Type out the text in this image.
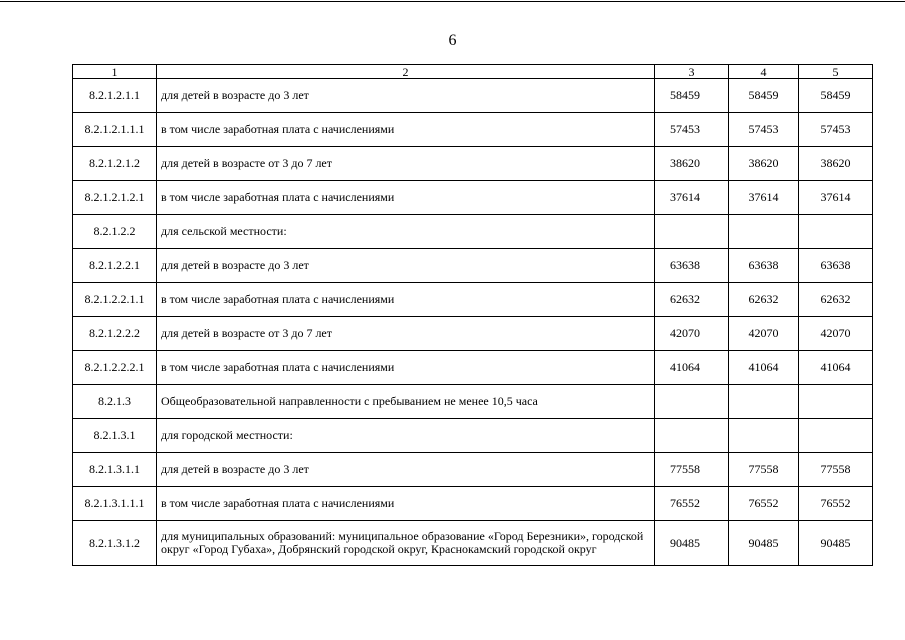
6
1	2	3	4	5
8.2.1.2.1.1	для детей в возрасте до 3 лет	58459	58459	58459
8.2.1.2.1.1.1	в том числе заработная плата с начислениями	57453	57453	57453
8.2.1.2.1.2	для детей в возрасте от 3 до 7 лет	38620	38620	38620
8.2.1.2.1.2.1	в том числе заработная плата с начислениями	37614	37614	37614
8.2.1.2.2	для сельской местности:			
8.2.1.2.2.1	для детей в возрасте до 3 лет	63638	63638	63638
8.2.1.2.2.1.1	в том числе заработная плата с начислениями	62632	62632	62632
8.2.1.2.2.2	для детей в возрасте от 3 до 7 лет	42070	42070	42070
8.2.1.2.2.2.1	в том числе заработная плата с начислениями	41064	41064	41064
8.2.1.3	Общеобразовательной направленности с пребыванием не менее 10,5 часа			
8.2.1.3.1	для городской местности:			
8.2.1.3.1.1	для детей в возрасте до 3 лет	77558	77558	77558
8.2.1.3.1.1.1	в том числе заработная плата с начислениями	76552	76552	76552
8.2.1.3.1.2	для муниципальных образований: муниципальное образование «Город Березники», городской округ «Город Губаха», Добрянский городской округ, Краснокамский городской округ	90485	90485	90485
